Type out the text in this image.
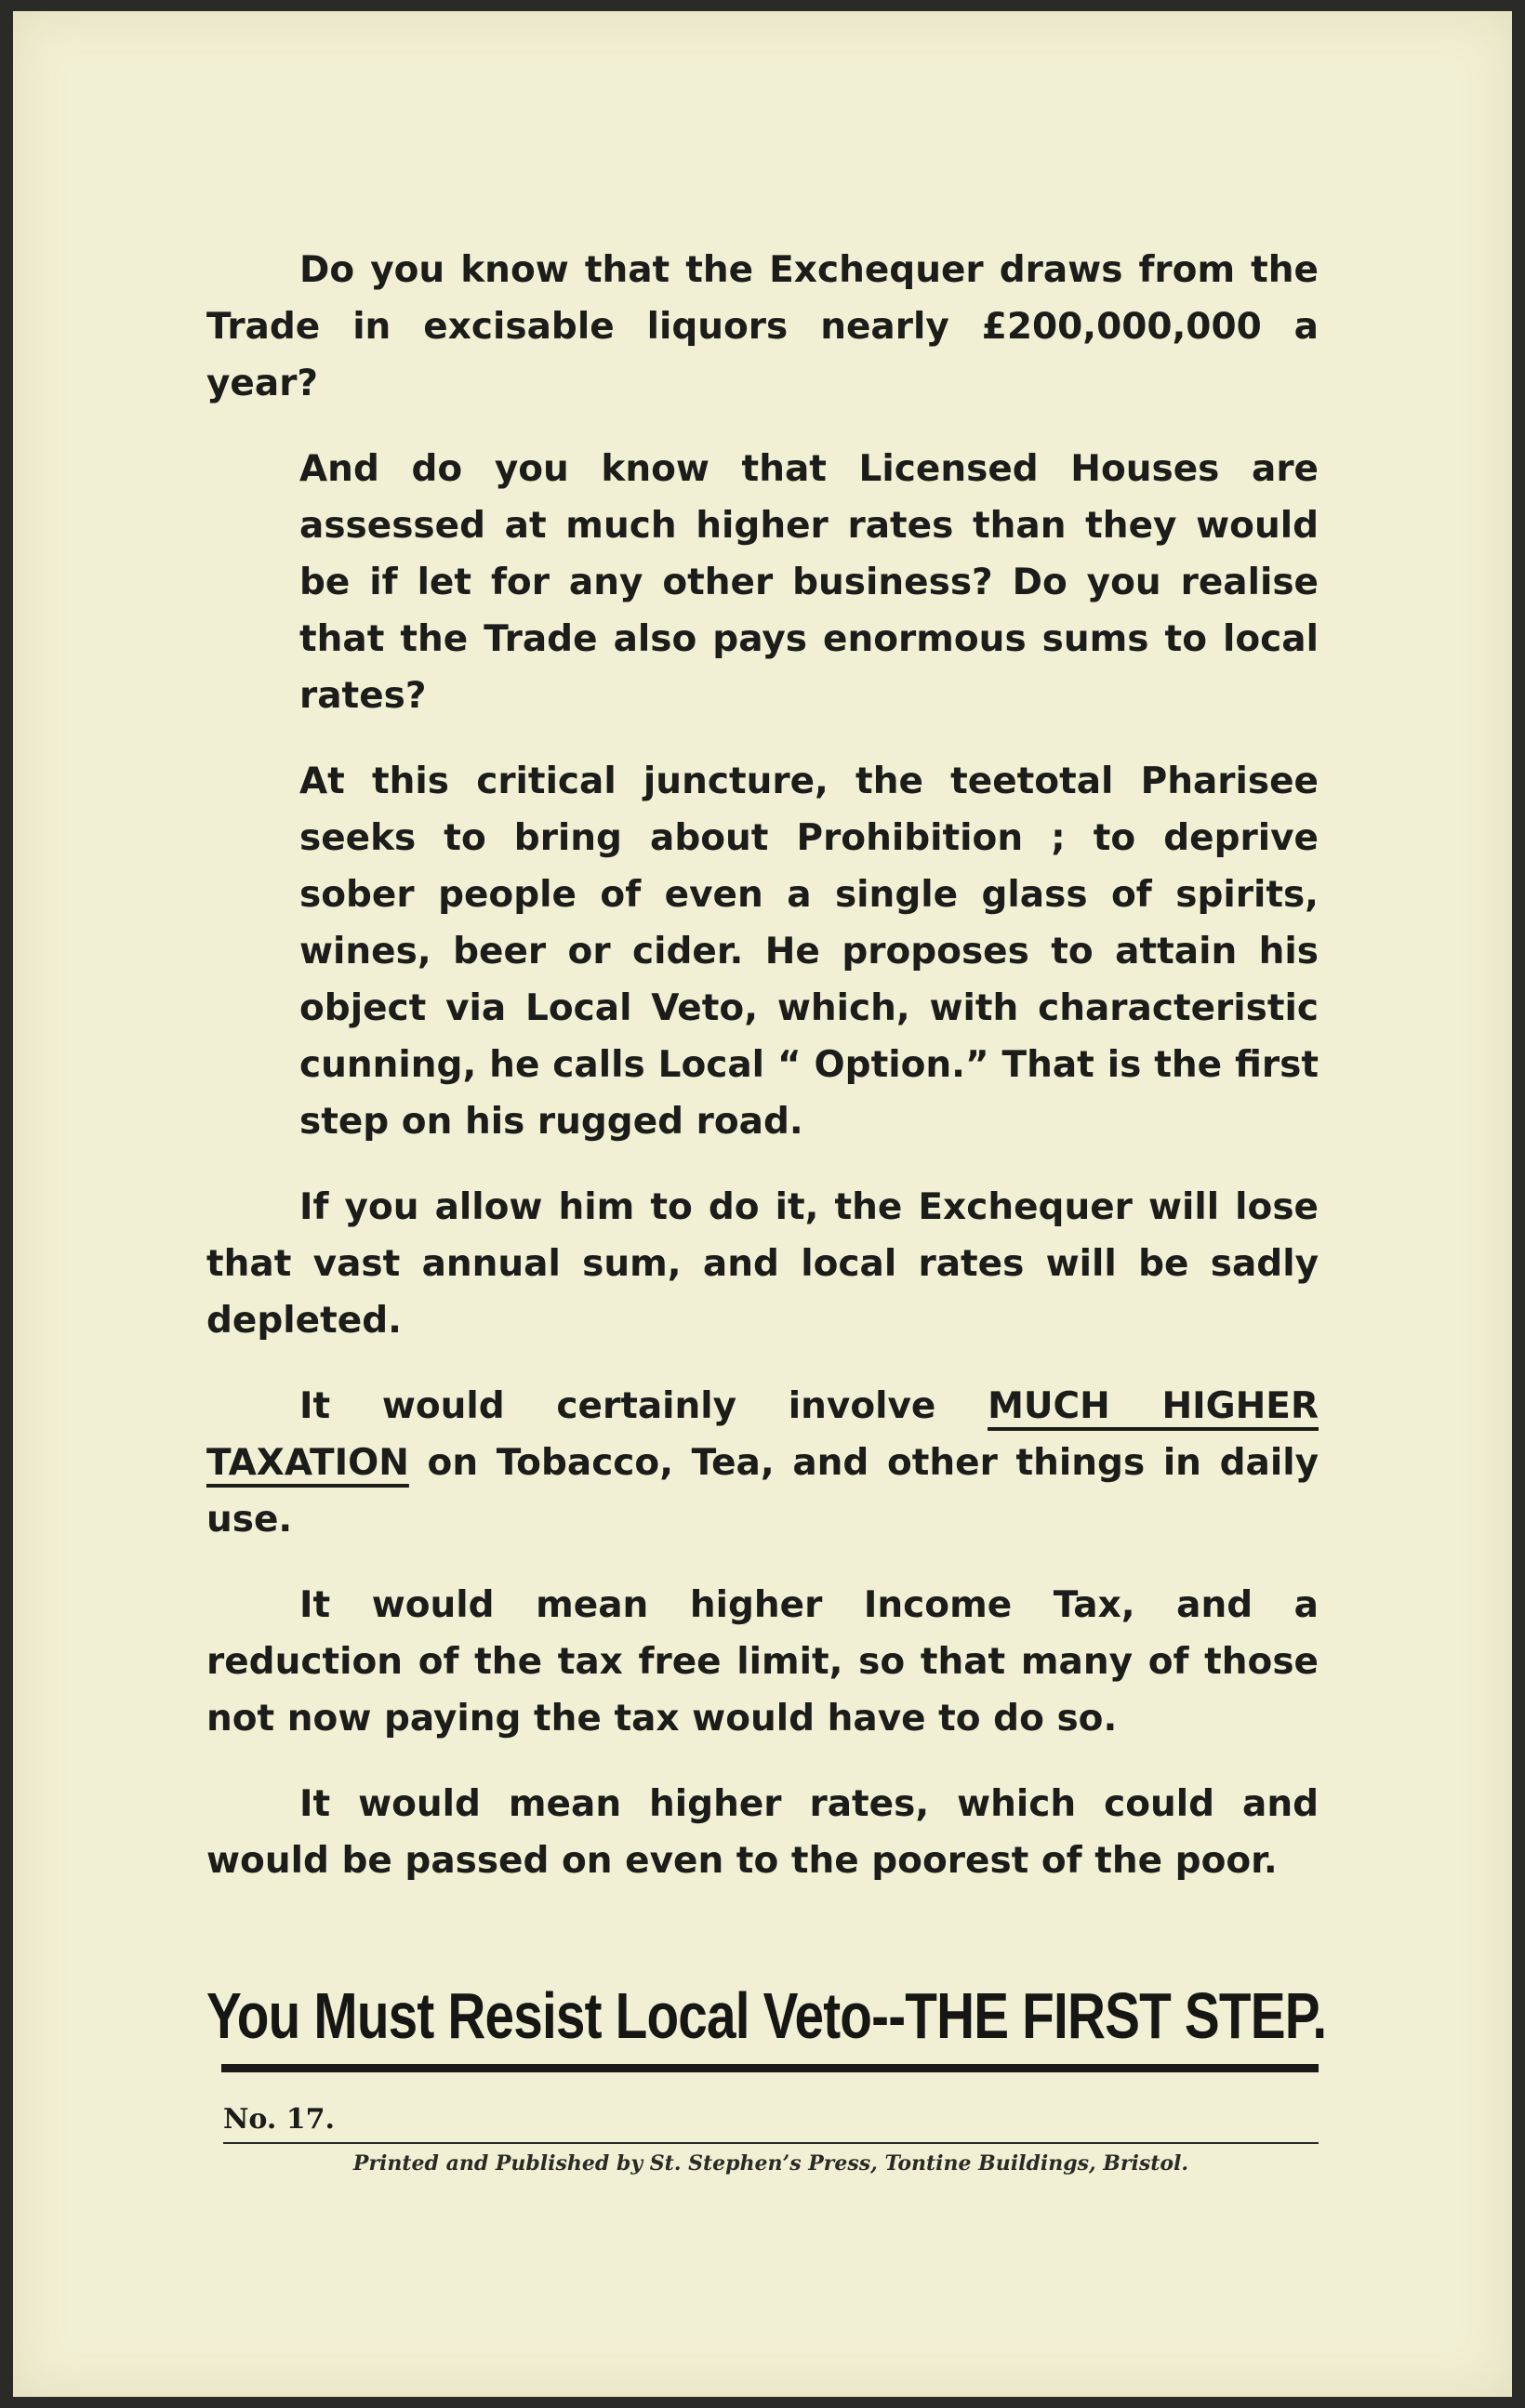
Do you know that the Exchequer draws from the Trade in excisable liquors nearly £200,000,000 a year?

And do you know that Licensed Houses are assessed at much higher rates than they would be if let for any other business? Do you realise that the Trade also pays enormous sums to local rates?

At this critical juncture, the teetotal Pharisee seeks to bring about Prohibition ; to deprive sober people of even a single glass of spirits, wines, beer or cider. He proposes to attain his object via Local Veto, which, with characteristic cunning, he calls Local “ Option.” That is the first step on his rugged road.

If you allow him to do it, the Exchequer will lose that vast annual sum, and local rates will be sadly depleted.

It would certainly involve MUCH HIGHER TAXATION on Tobacco, Tea, and other things in daily use.

It would mean higher Income Tax, and a reduction of the tax free limit, so that many of those not now paying the tax would have to do so.

It would mean higher rates, which could and would be passed on even to the poorest of the poor.

You Must Resist Local Veto--THE FIRST STEP.
No. 17.
Printed and Published by St. Stephen’s Press, Tontine Buildings, Bristol.
